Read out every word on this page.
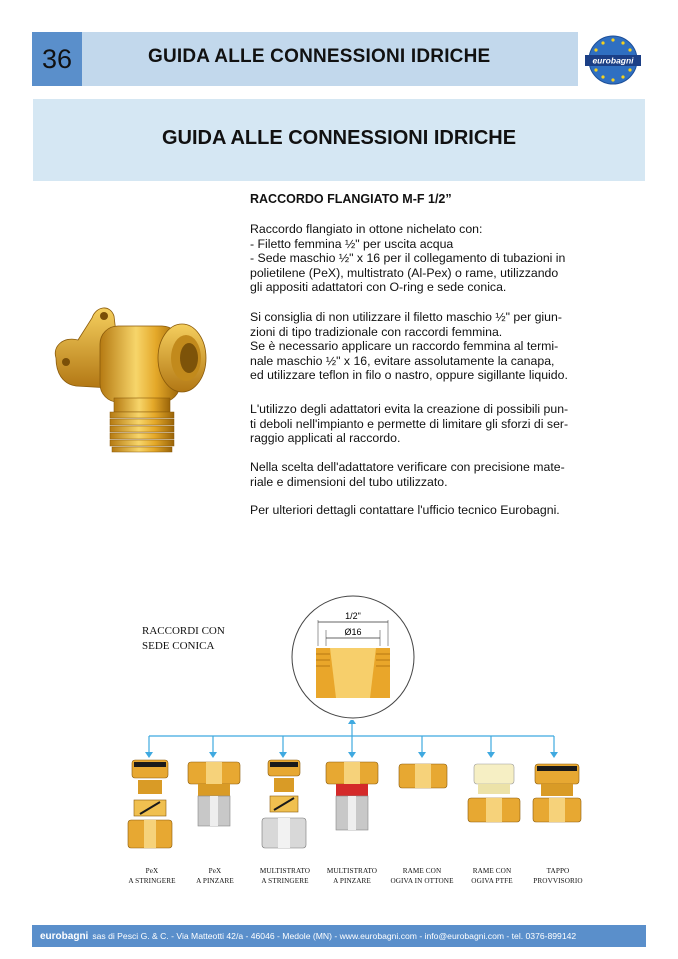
36	GUIDA ALLE CONNESSIONI IDRICHE	eurobagni
GUIDA ALLE CONNESSIONI IDRICHE
RACCORDO FLANGIATO M-F 1/2”
Raccordo flangiato in ottone nichelato con:
- Filetto femmina ½" per uscita acqua
- Sede maschio ½" x 16 per il collegamento di tubazioni in
polietilene (PeX), multistrato (Al-Pex) o rame, utilizzando
gli appositi adattatori con O-ring e sede conica.
Si consiglia di non utilizzare il filetto maschio ½" per giun-
zioni di tipo tradizionale con raccordi femmina.
Se è necessario applicare un raccordo femmina al termi-
nale maschio ½" x 16, evitare assolutamente la canapa,
ed utilizzare teflon in filo o nastro, oppure sigillante liquido.
L'utilizzo degli adattatori evita la creazione di possibili pun-
ti deboli nell'impianto e permette di limitare gli sforzi di ser-
raggio applicati al raccordo.
Nella scelta dell'adattatore verificare con precisione mate-
riale e dimensioni del tubo utilizzato.
Per ulteriori dettagli contattare l'ufficio tecnico Eurobagni.
RACCORDI CON
SEDE CONICA
1/2"
Ø16
PeX
A STRINGERE
PeX
A PINZARE
MULTISTRATO
A STRINGERE
MULTISTRATO
A PINZARE
RAME CON
OGIVA IN OTTONE
RAME CON
OGIVA PTFE
TAPPO
PROVVISORIO
eurobagni sas di Pesci G. & C. - Via Matteotti 42/a - 46046 - Medole (MN) - www.eurobagni.com - info@eurobagni.com - tel. 0376-899142
